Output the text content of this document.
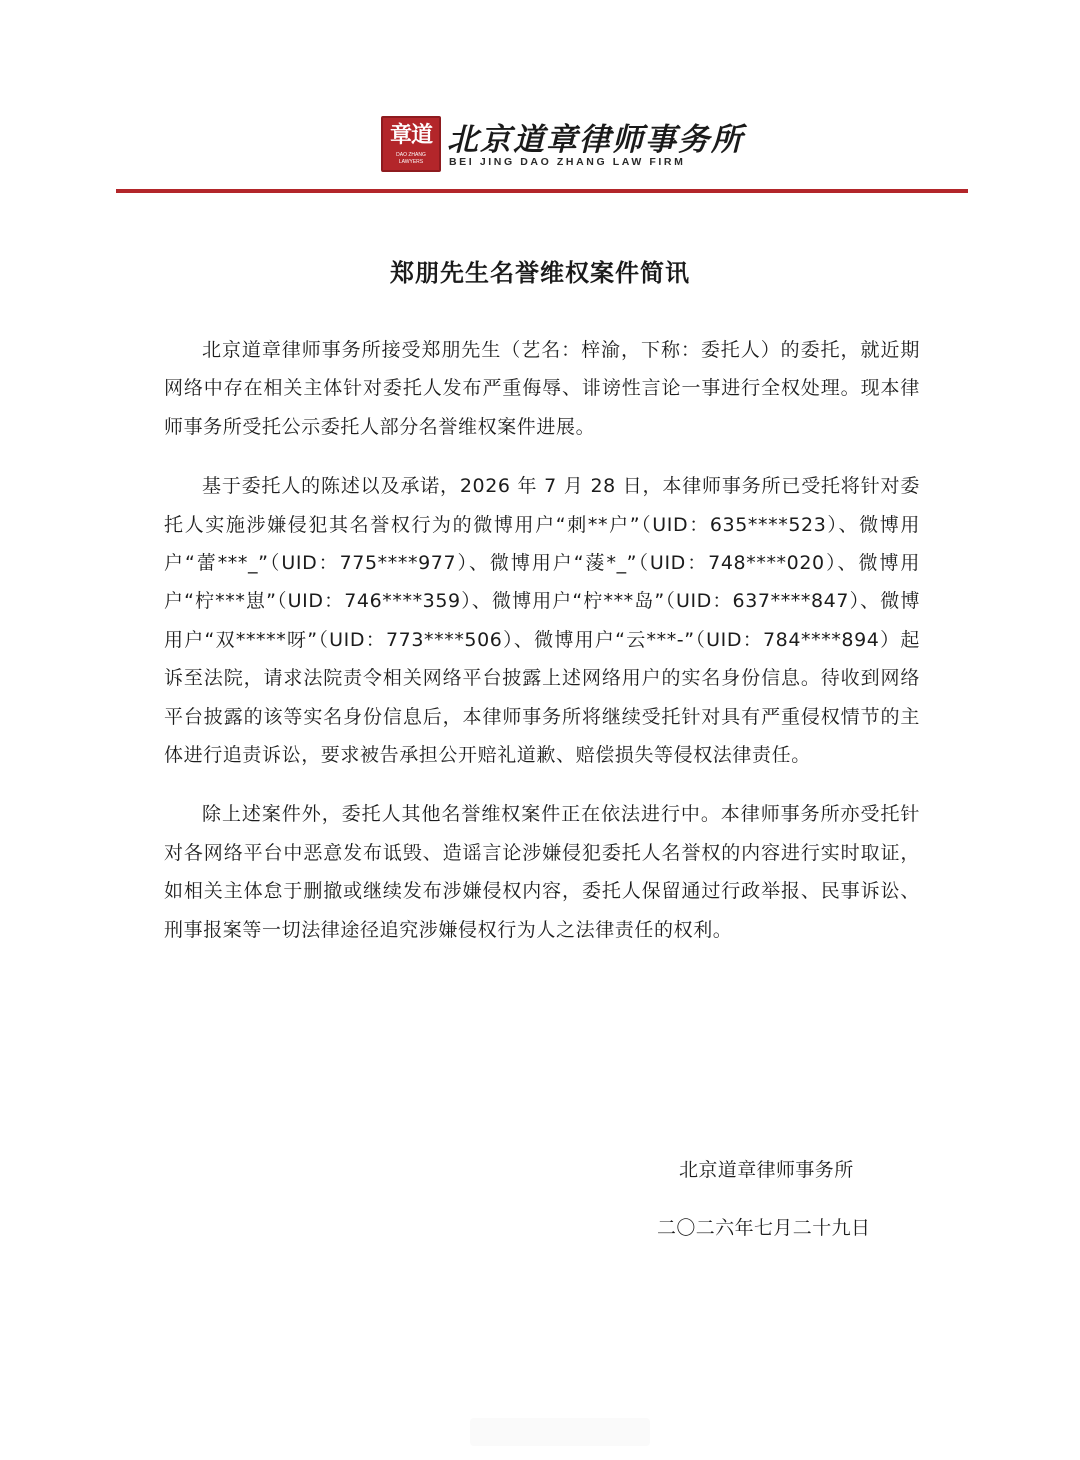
章道
DAO ZHANG
LAWYERS
北京道章律师事务所
BEI JING DAO ZHANG LAW FIRM
郑朋先生名誉维权案件简讯

北京道章律师事务所接受郑朋先生（艺名：梓渝，下称：委托人）的委托，就近期网络中存在相关主体针对委托人发布严重侮辱、诽谤性言论一事进行全权处理。现本律师事务所受托公示委托人部分名誉维权案件进展。

基于委托人的陈述以及承诺，2026 年 7 月 28 日，本律师事务所已受托将针对委托人实施涉嫌侵犯其名誉权行为的微博用户“刺**户”（UID：635****523）、微博用户“蕾***_”（UID：775****977）、微博用户“蔆*_”（UID：748****020）、微博用户“柠***崽”（UID：746****359）、微博用户“柠***岛”（UID：637****847）、微博用户“双*****呀”（UID：773****506）、微博用户“云***-”（UID：784****894）起诉至法院，请求法院责令相关网络平台披露上述网络用户的实名身份信息。待收到网络平台披露的该等实名身份信息后，本律师事务所将继续受托针对具有严重侵权情节的主体进行追责诉讼，要求被告承担公开赔礼道歉、赔偿损失等侵权法律责任。

除上述案件外，委托人其他名誉维权案件正在依法进行中。本律师事务所亦受托针对各网络平台中恶意发布诋毁、造谣言论涉嫌侵犯委托人名誉权的内容进行实时取证，如相关主体怠于删撤或继续发布涉嫌侵权内容，委托人保留通过行政举报、民事诉讼、刑事报案等一切法律途径追究涉嫌侵权行为人之法律责任的权利。

北京道章律师事务所
二〇二六年七月二十九日
